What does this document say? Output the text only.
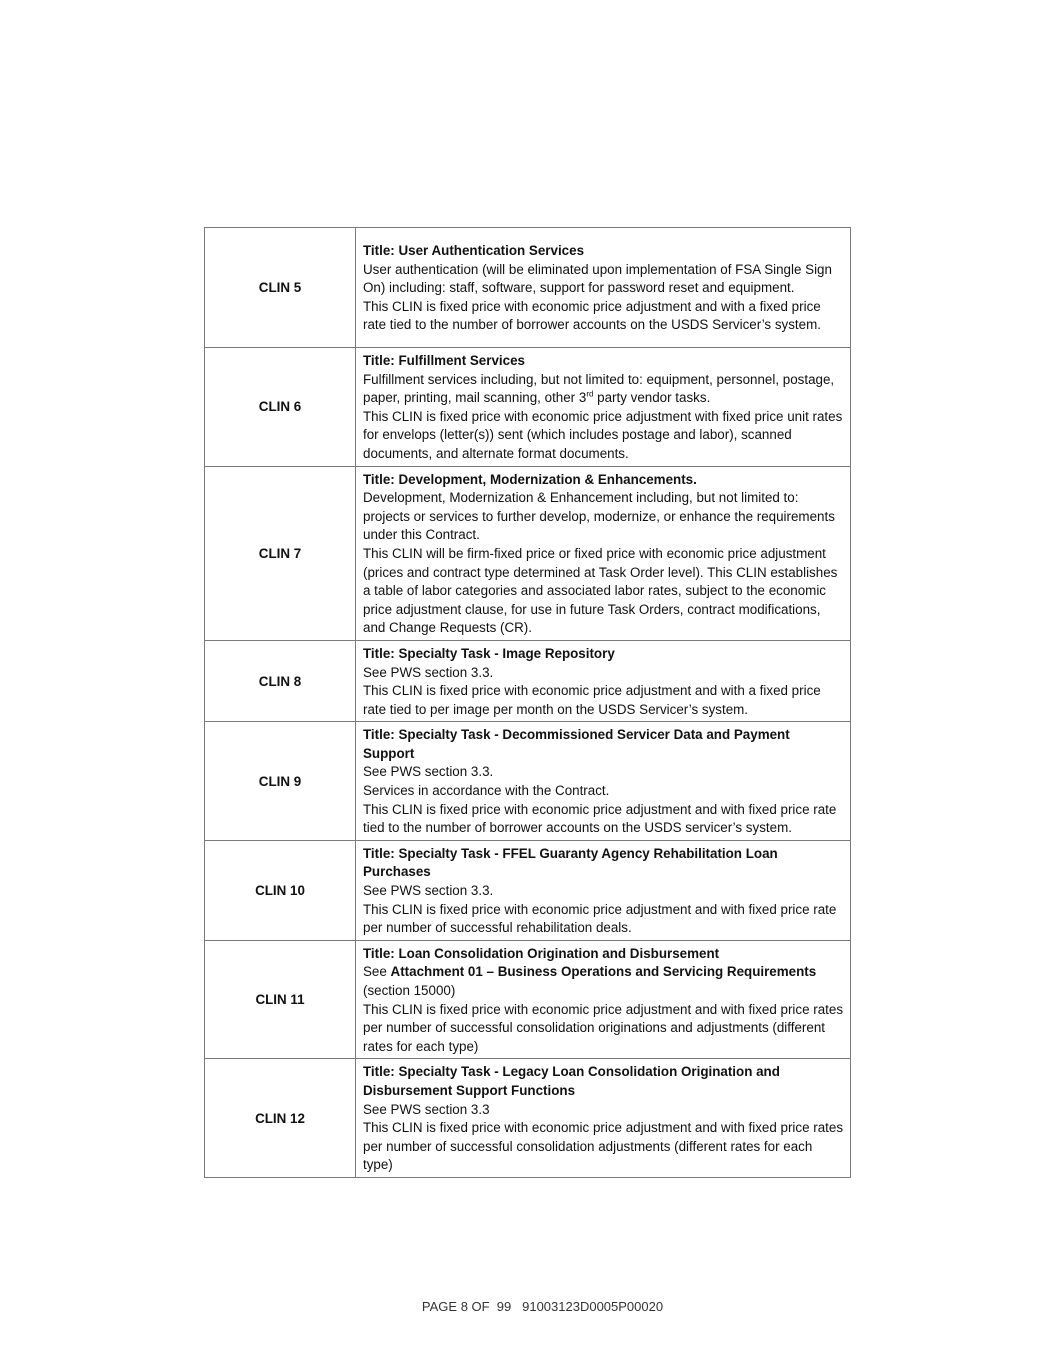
CLIN 5	Title: User Authentication Services
User authentication (will be eliminated upon implementation of FSA Single Sign On) including: staff, software, support for password reset and equipment.
This CLIN is fixed price with economic price adjustment and with a fixed price rate tied to the number of borrower accounts on the USDS Servicer’s system.

CLIN 6	Title: Fulfillment Services
Fulfillment services including, but not limited to: equipment, personnel, postage, paper, printing, mail scanning, other 3rd party vendor tasks.
This CLIN is fixed price with economic price adjustment with fixed price unit rates for envelops (letter(s)) sent (which includes postage and labor), scanned documents, and alternate format documents.

CLIN 7	Title: Development, Modernization & Enhancements.
Development, Modernization & Enhancement including, but not limited to: projects or services to further develop, modernize, or enhance the requirements under this Contract.
This CLIN will be firm-fixed price or fixed price with economic price adjustment (prices and contract type determined at Task Order level). This CLIN establishes a table of labor categories and associated labor rates, subject to the economic price adjustment clause, for use in future Task Orders, contract modifications, and Change Requests (CR).

CLIN 8	Title: Specialty Task - Image Repository
See PWS section 3.3.
This CLIN is fixed price with economic price adjustment and with a fixed price rate tied to per image per month on the USDS Servicer’s system.

CLIN 9	Title: Specialty Task - Decommissioned Servicer Data and Payment Support
See PWS section 3.3.
Services in accordance with the Contract.
This CLIN is fixed price with economic price adjustment and with fixed price rate tied to the number of borrower accounts on the USDS servicer’s system.

CLIN 10	Title: Specialty Task - FFEL Guaranty Agency Rehabilitation Loan Purchases
See PWS section 3.3.
This CLIN is fixed price with economic price adjustment and with fixed price rate per number of successful rehabilitation deals.

CLIN 11	Title: Loan Consolidation Origination and Disbursement
See Attachment 01 – Business Operations and Servicing Requirements (section 15000)
This CLIN is fixed price with economic price adjustment and with fixed price rates per number of successful consolidation originations and adjustments (different rates for each type)

CLIN 12	Title: Specialty Task - Legacy Loan Consolidation Origination and Disbursement Support Functions
See PWS section 3.3
This CLIN is fixed price with economic price adjustment and with fixed price rates per number of successful consolidation adjustments (different rates for each type)
PAGE 8 OF  99   91003123D0005P00020
